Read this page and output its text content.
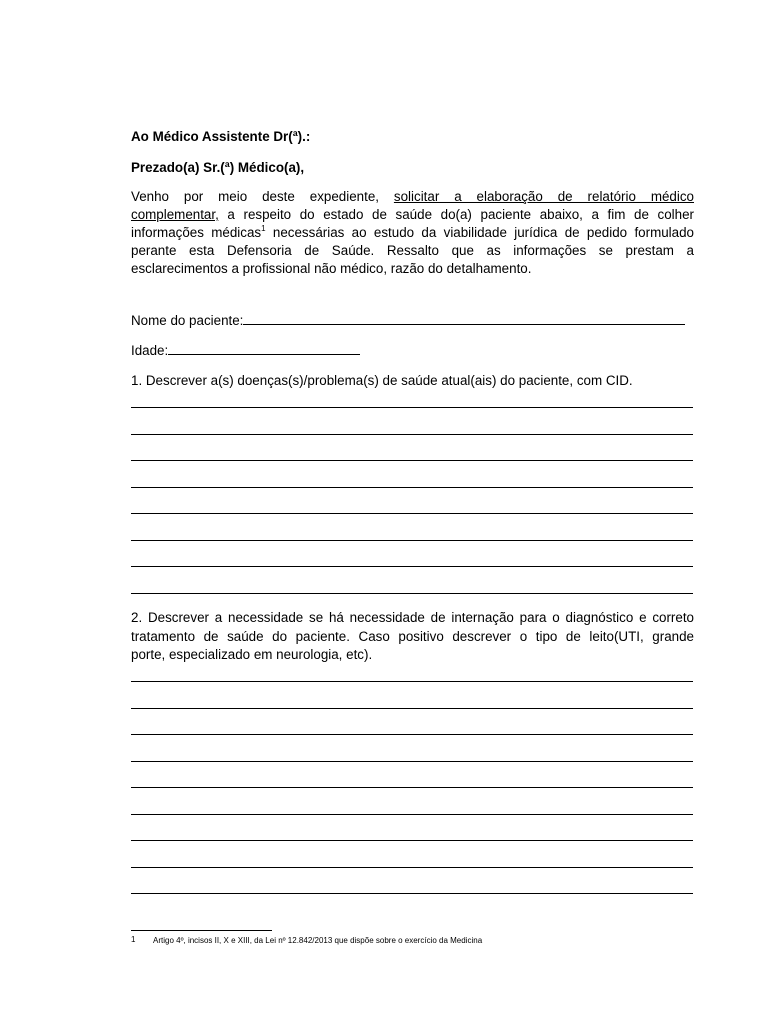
Ao Médico Assistente Dr(ª).:
Prezado(a) Sr.(ª) Médico(a),
Venho por meio deste expediente, solicitar a elaboração de relatório médico
complementar, a respeito do estado de saúde do(a) paciente abaixo, a fim de colher
informações médicas$^1$ necessárias ao estudo da viabilidade jurídica de pedido formulado
perante esta Defensoria de Saúde. Ressalto que as informações se prestam a
esclarecimentos a profissional não médico, razão do detalhamento.
Nome do paciente:
Idade:
1. Descrever a(s) doenças(s)/problema(s) de saúde atual(ais) do paciente, com CID.
2. Descrever a necessidade se há necessidade de internação para o diagnóstico e correto
tratamento de saúde do paciente. Caso positivo descrever o tipo de leito(UTI, grande
porte, especializado em neurologia, etc).
1 Artigo 4º, incisos II, X e XIII, da Lei nº 12.842/2013 que dispõe sobre o exercício da Medicina
